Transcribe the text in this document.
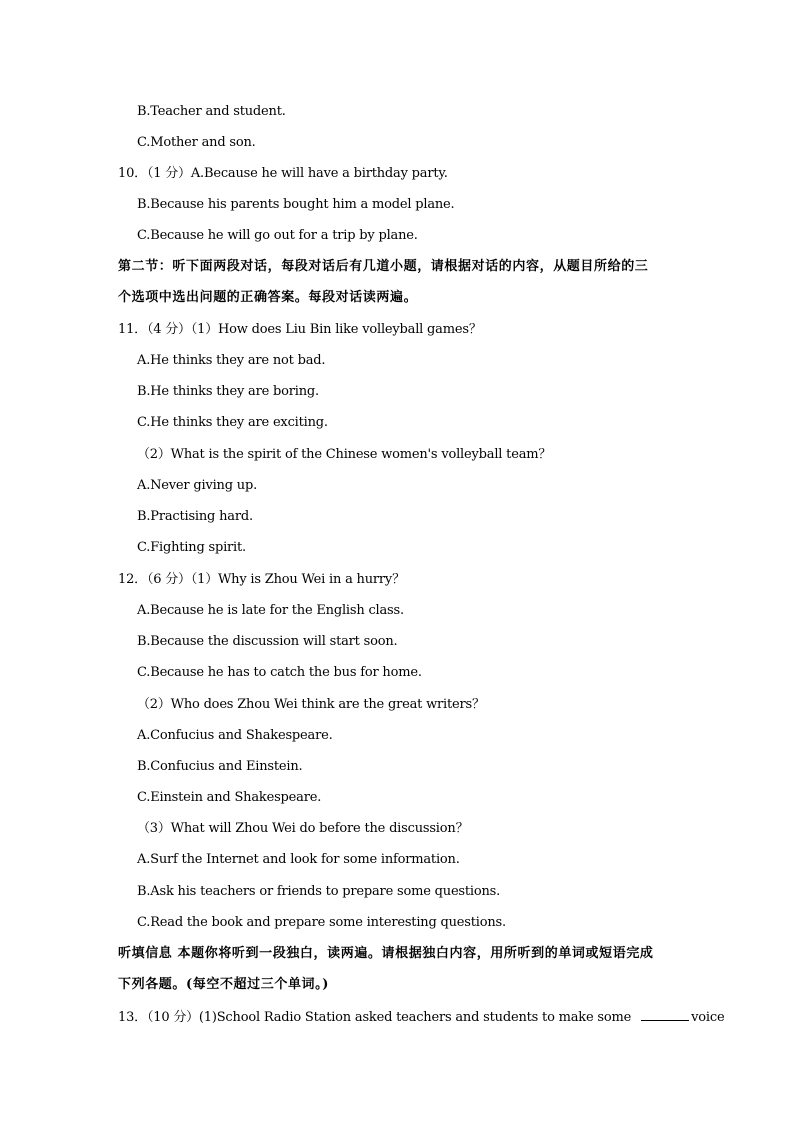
B.Teacher and student.
C.Mother and son.
10．（1 分）A.Because he will have a birthday party.
B.Because his parents bought him a model plane.
C.Because he will go out for a trip by plane.
第二节：听下面两段对话，每段对话后有几道小题，请根据对话的内容，从题目所给的三
个选项中选出问题的正确答案。每段对话读两遍。
11．（4 分）（1）How does Liu Bin like volleyball games？
A.He thinks they are not bad.
B.He thinks they are boring.
C.He thinks they are exciting.
（2）What is the spirit of the Chinese women's volleyball team？
A.Never giving up.
B.Practising hard.
C.Fighting spirit.
12．（6 分）（1）Why is Zhou Wei in a hurry？
A.Because he is late for the English class.
B.Because the discussion will start soon.
C.Because he has to catch the bus for home.
（2）Who does Zhou Wei think are the great writers？
A.Confucius and Shakespeare.
B.Confucius and Einstein.
C.Einstein and Shakespeare.
（3）What will Zhou Wei do before the discussion？
A.Surf the Internet and look for some information.
B.Ask his teachers or friends to prepare some questions.
C.Read the book and prepare some interesting questions.
听填信息 本题你将听到一段独白，读两遍。请根据独白内容，用所听到的单词或短语完成
下列各题。(每空不超过三个单词。)
13．（10 分）(1)School Radio Station asked teachers and students to make some	voice
